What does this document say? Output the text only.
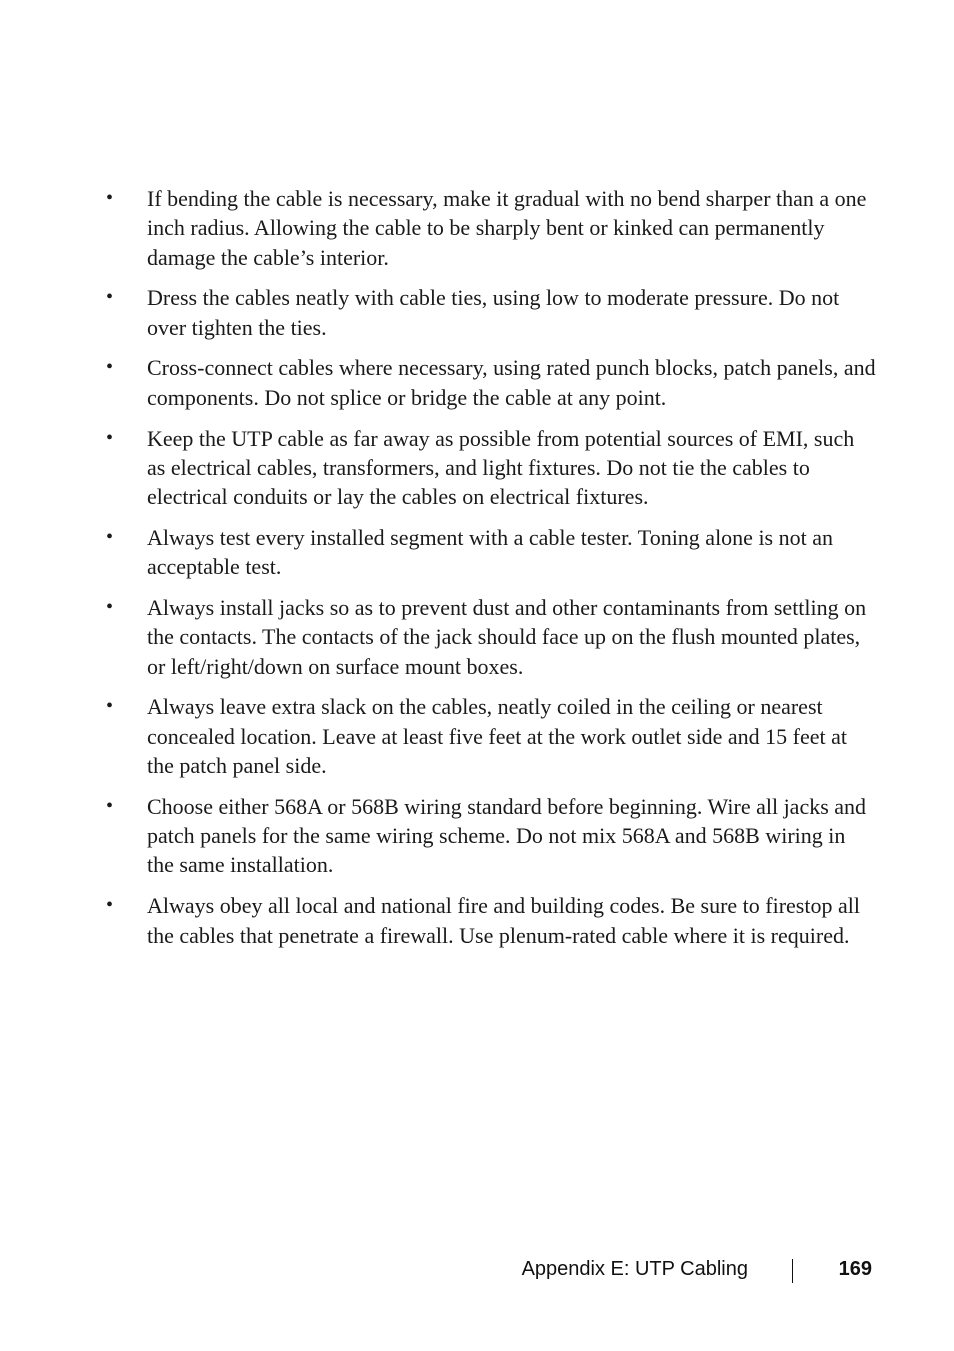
•	If bending the cable is necessary, make it gradual with no bend sharper than a one inch radius. Allowing the cable to be sharply bent or kinked can permanently damage the cable’s interior.
•	Dress the cables neatly with cable ties, using low to moderate pressure. Do not over tighten the ties.
•	Cross-connect cables where necessary, using rated punch blocks, patch panels, and components. Do not splice or bridge the cable at any point.
•	Keep the UTP cable as far away as possible from potential sources of EMI, such as electrical cables, transformers, and light fixtures. Do not tie the cables to electrical conduits or lay the cables on electrical fixtures.
•	Always test every installed segment with a cable tester. Toning alone is not an acceptable test.
•	Always install jacks so as to prevent dust and other contaminants from settling on the contacts. The contacts of the jack should face up on the flush mounted plates, or left/right/down on surface mount boxes.
•	Always leave extra slack on the cables, neatly coiled in the ceiling or nearest concealed location. Leave at least five feet at the work outlet side and 15 feet at the patch panel side.
•	Choose either 568A or 568B wiring standard before beginning. Wire all jacks and patch panels for the same wiring scheme. Do not mix 568A and 568B wiring in the same installation.
•	Always obey all local and national fire and building codes. Be sure to firestop all the cables that penetrate a firewall. Use plenum-rated cable where it is required.
Appendix E: UTP Cabling	169
